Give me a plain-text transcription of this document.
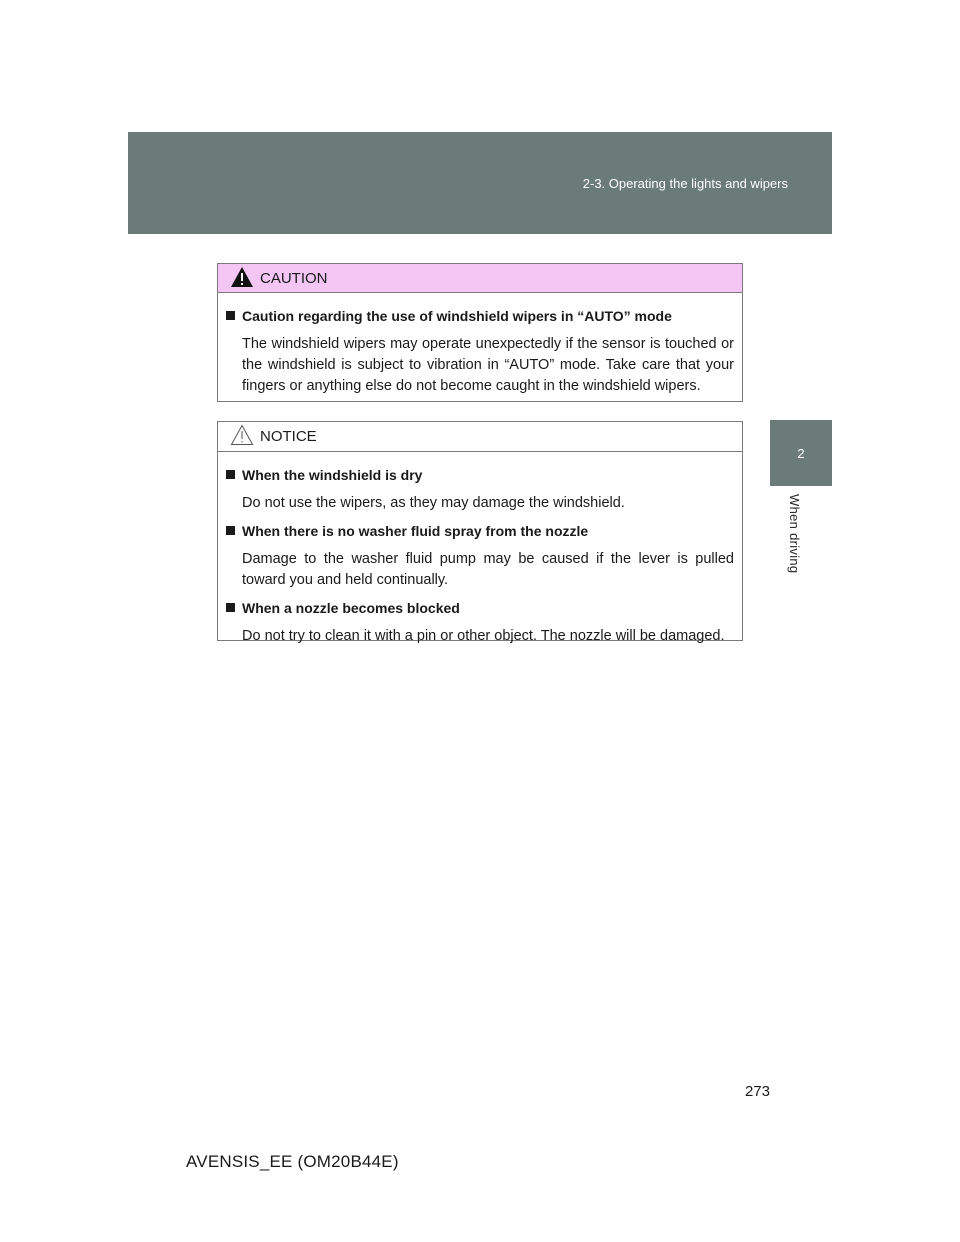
2-3. Operating the lights and wipers
2
When driving
CAUTION
Caution regarding the use of windshield wipers in “AUTO” mode
The windshield wipers may operate unexpectedly if the sensor is touched or the windshield is subject to vibration in “AUTO” mode. Take care that your fingers or anything else do not become caught in the windshield wipers.
NOTICE
When the windshield is dry
Do not use the wipers, as they may damage the windshield.
When there is no washer fluid spray from the nozzle
Damage to the washer fluid pump may be caused if the lever is pulled toward you and held continually.
When a nozzle becomes blocked
Do not try to clean it with a pin or other object. The nozzle will be damaged.
273
AVENSIS_EE (OM20B44E)
